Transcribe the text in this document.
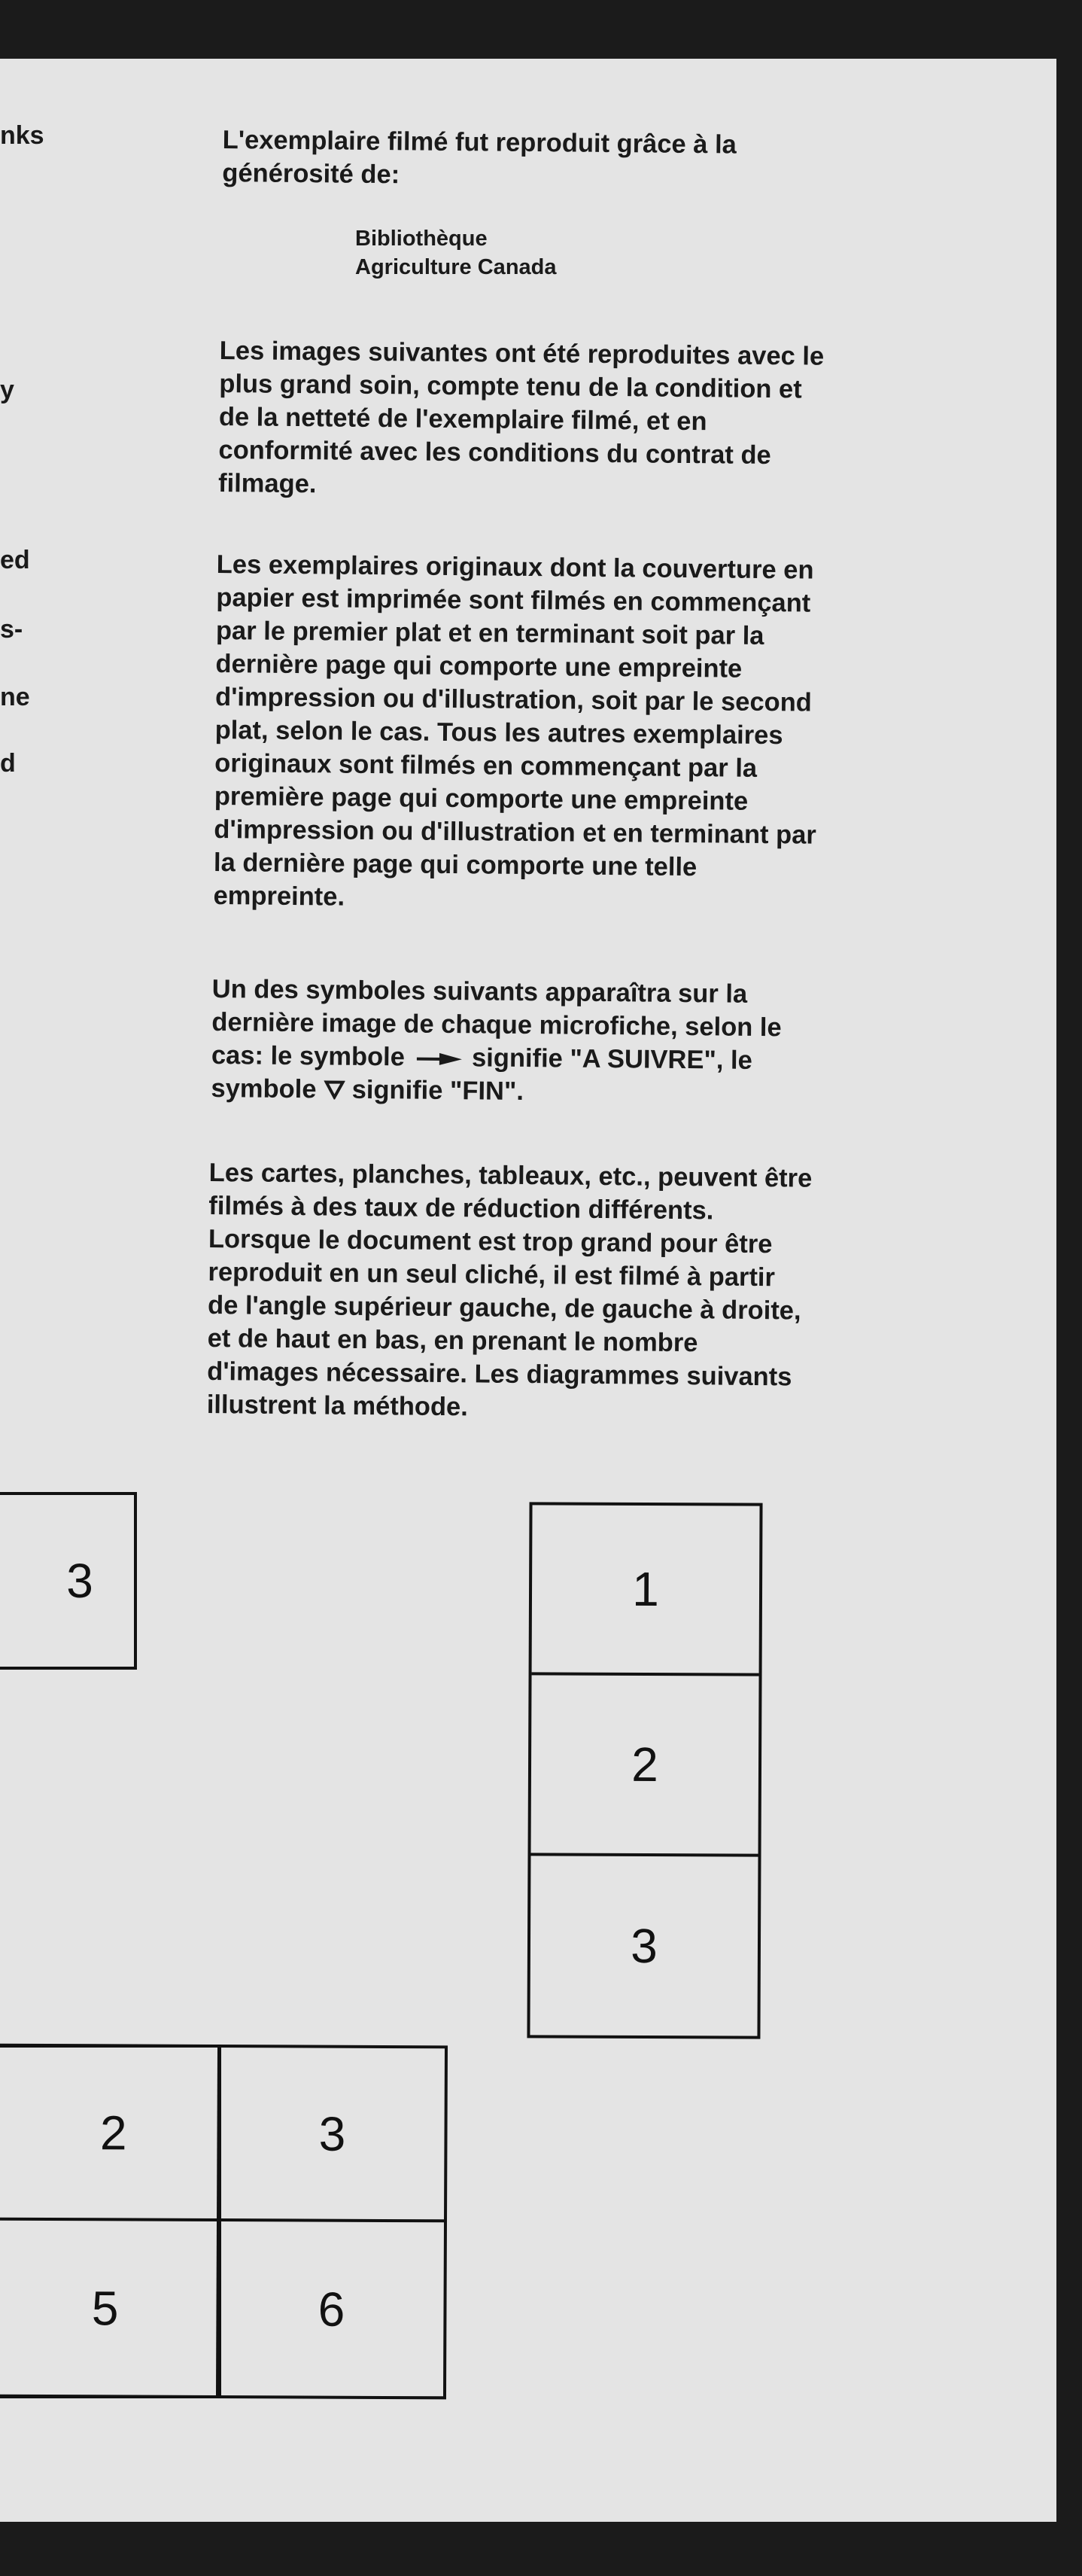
nks
y
ed
s-
ne
d
L'exemplaire filmé fut reproduit grâce à la
générosité de:
Bibliothèque
Agriculture Canada
Les images suivantes ont été reproduites avec le
plus grand soin, compte tenu de la condition et
de la netteté de l'exemplaire filmé, et en
conformité avec les conditions du contrat de
filmage.
Les exemplaires originaux dont la couverture en
papier est imprimée sont filmés en commençant
par le premier plat et en terminant soit par la
dernière page qui comporte une empreinte
d'impression ou d'illustration, soit par le second
plat, selon le cas. Tous les autres exemplaires
originaux sont filmés en commençant par la
première page qui comporte une empreinte
d'impression ou d'illustration et en terminant par
la dernière page qui comporte une telle
empreinte.
Un des symboles suivants apparaîtra sur la
dernière image de chaque microfiche, selon le
cas: le symbole  signifie "A SUIVRE", le
symbole  signifie "FIN".
Les cartes, planches, tableaux, etc., peuvent être
filmés à des taux de réduction différents.
Lorsque le document est trop grand pour être
reproduit en un seul cliché, il est filmé à partir
de l'angle supérieur gauche, de gauche à droite,
et de haut en bas, en prenant le nombre
d'images nécessaire. Les diagrammes suivants
illustrent la méthode.
3	1
2
3
2	3
5	6
